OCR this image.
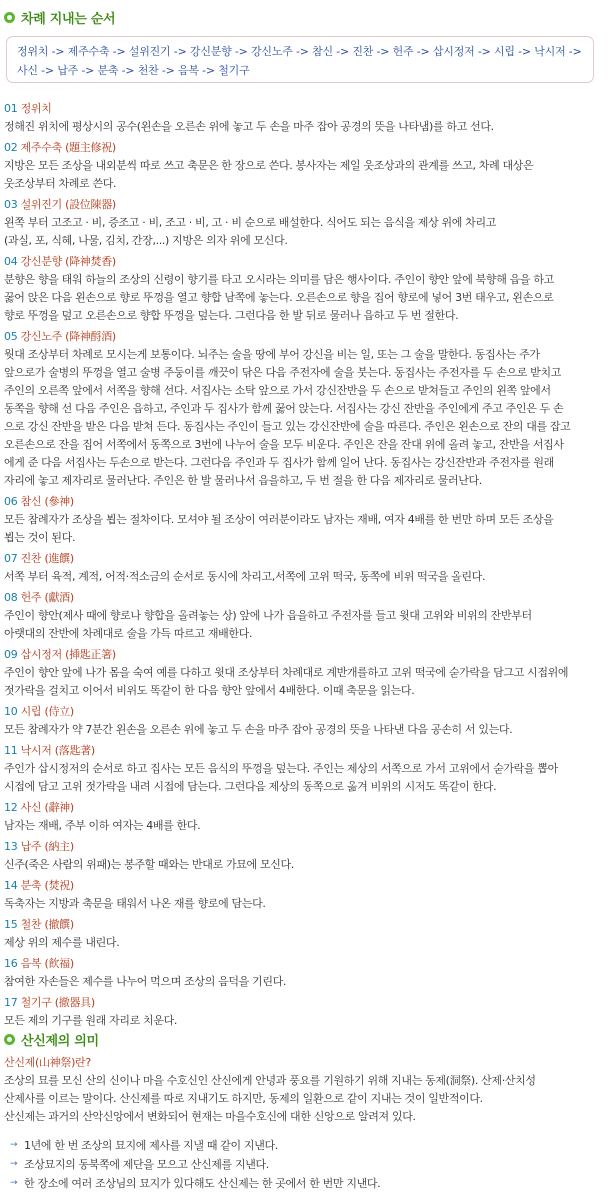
차례 지내는 순서
정위치 -> 제주수축 -> 설위진기 -> 강신분향 -> 강신노주 -> 참신 -> 진찬 -> 헌주 -> 삽시정저 -> 시립 -> 낙시저 -> 사신 -> 납주 -> 분축 -> 천찬 -> 음복 -> 철기구
01 정위치
정해진 위치에 평상시의 공수(왼손을 오른손 위에 놓고 두 손을 마주 잡아 공경의 뜻을 나타냄)를 하고 선다.
02 제주수축 (題主修祝)
지방은 모든 조상을 내외분씩 따로 쓰고 축문은 한 장으로 쓴다. 봉사자는 제일 웃조상과의 관계를 쓰고, 차례 대상은
웃조상부터 차례로 쓴다.
03 설위진기 (設位陳器)
왼쪽 부터 고조고 · 비, 증조고 · 비, 조고 · 비, 고 · 비 순으로 배설한다. 식어도 되는 음식을 제상 위에 차리고
(과실, 포, 식혜, 나물, 김치, 간장,...) 지방은 의자 위에 모신다.
04 강신분향 (降神焚香)
분향은 향을 태워 하늘의 조상의 신령이 향기를 타고 오시라는 의미를 담은 행사이다. 주인이 향안 앞에 북향해 읍을 하고
꿇어 앉은 다음 왼손으로 향로 뚜껑을 열고 향합 남쪽에 놓는다. 오른손으로 향을 집어 향로에 넣어 3번 태우고, 왼손으로
향로 뚜껑을 덮고 오른손으로 향합 뚜껑을 덮는다. 그런다음 한 발 뒤로 물러나 읍하고 두 번 절한다.
05 강신노주 (降神酹酒)
웟대 조상부터 차례로 모시는게 보통이다. 뇌주는 술을 땅에 부어 강신을 비는 일, 또는 그 술을 말한다. 동집사는 주가
앞으로가 술병의 뚜껑을 열고 술병 주둥이를 깨끗이 닦은 다음 주전자에 술을 붓는다. 동집사는 주전자를 두 손으로 받치고
주인의 오른쪽 앞에서 서쪽을 향해 선다. 서집사는 소탁 앞으로 가서 강신잔반을 두 손으로 받쳐들고 주인의 왼쪽 앞에서
동쪽을 향해 선 다음 주인은 읍하고, 주인과 두 집사가 함께 꿇어 앉는다. 서집사는 강신 잔반을 주인에게 주고 주인은 두 손
으로 강신 잔반을 받은 다음 받쳐 든다. 동집사는 주인이 들고 있는 강신잔반에 술을 따른다. 주인은 왼손으로 잔의 대를 잡고
오른손으로 잔을 집어 서쪽에서 동쪽으로 3번에 나누어 술을 모두 비운다. 주인은 잔을 잔대 위에 올려 놓고, 잔반을 서집사
에게 준 다음 서집사는 두손으로 받는다. 그런다음 주인과 두 집사가 함께 일어 난다. 동집사는 강신잔반과 주전자를 원래
자리에 놓고 제자리로 물러난다. 주인은 한 발 물러나서 읍을하고, 두 번 절을 한 다음 제자리로 물러난다.
06 참신 (參神)
모든 참례자가 조상을 뵙는 절차이다. 모셔야 될 조상이 여러분이라도 남자는 재배, 여자 4배를 한 번만 하며 모든 조상을
뵙는 것이 된다.
07 진찬 (進饌)
서쪽 부터 육적, 계적, 어적·적소금의 순서로 동시에 차리고,서쪽에 고위 떡국, 동쪽에 비위 떡국을 올린다.
08 헌주 (獻酒)
주인이 향안(제사 때에 향로나 향합을 올려놓는 상) 앞에 나가 읍을하고 주전자를 들고 윗대 고위와 비위의 잔반부터
아랫대의 잔반에 차례대로 술을 가득 따르고 재배한다.
09 삽시정저 (揷匙正箸)
주인이 향안 앞에 나가 몸을 숙여 예를 다하고 윗대 조상부터 차례대로 계반개를하고 고위 떡국에 숟가락을 담그고 시접위에
젓가락을 걸치고 이어서 비위도 똑같이 한 다음 향안 앞에서 4배한다. 이때 축문을 읽는다.
10 시립 (侍立)
모든 참례자가 약 7분간 왼손을 오른손 위에 놓고 두 손을 마주 잡아 공경의 뜻을 나타낸 다음 공손히 서 있는다.
11 낙시저 (落匙著)
주인가 삽시정저의 순서로 하고 집사는 모든 음식의 뚜껑을 덮는다. 주인는 제상의 서쪽으로 가서 고위에서 숟가락을 뽑아
시접에 담고 고위 젓가락을 내려 시접에 담는다. 그런다음 제상의 동쪽으로 옮겨 비위의 시저도 똑같이 한다.
12 사신 (辭神)
남자는 재배, 주부 이하 여자는 4배를 한다.
13 납주 (納主)
신주(죽은 사람의 위패)는 봉주할 때와는 반대로 가묘에 모신다.
14 분축 (焚祝)
독축자는 지방과 축문을 태워서 나온 재를 향로에 담는다.
15 철찬 (撤饌)
제상 위의 제수를 내린다.
16 음복 (飮福)
참여한 자손들은 제수를 나누어 먹으며 조상의 음덕을 기린다.
17 철기구 (撤器具)
모든 제의 기구를 원래 자리로 치운다.
산신제의 의미
산신제(山神祭)란?
조상의 묘를 모신 산의 신이나 마을 수호신인 산신에게 안녕과 풍요를 기원하기 위해 지내는 동제(洞祭). 산제·산치성
산제사를 이르는 말이다. 산신제를 따로 지내기도 하지만, 동제의 일환으로 같이 지내는 것이 일반적이다.
산신제는 과거의 산악신앙에서 변화되어 현재는 마을수호신에 대한 신앙으로 알려져 있다.
→ 1년에 한 번 조상의 묘지에 제사를 지낼 때 같이 지낸다.
→ 조상묘지의 동북쪽에 제단을 모으고 산신제를 지낸다.
→ 한 장소에 여러 조상님의 묘지가 있다해도 산신제는 한 곳에서 한 번만 지낸다.
